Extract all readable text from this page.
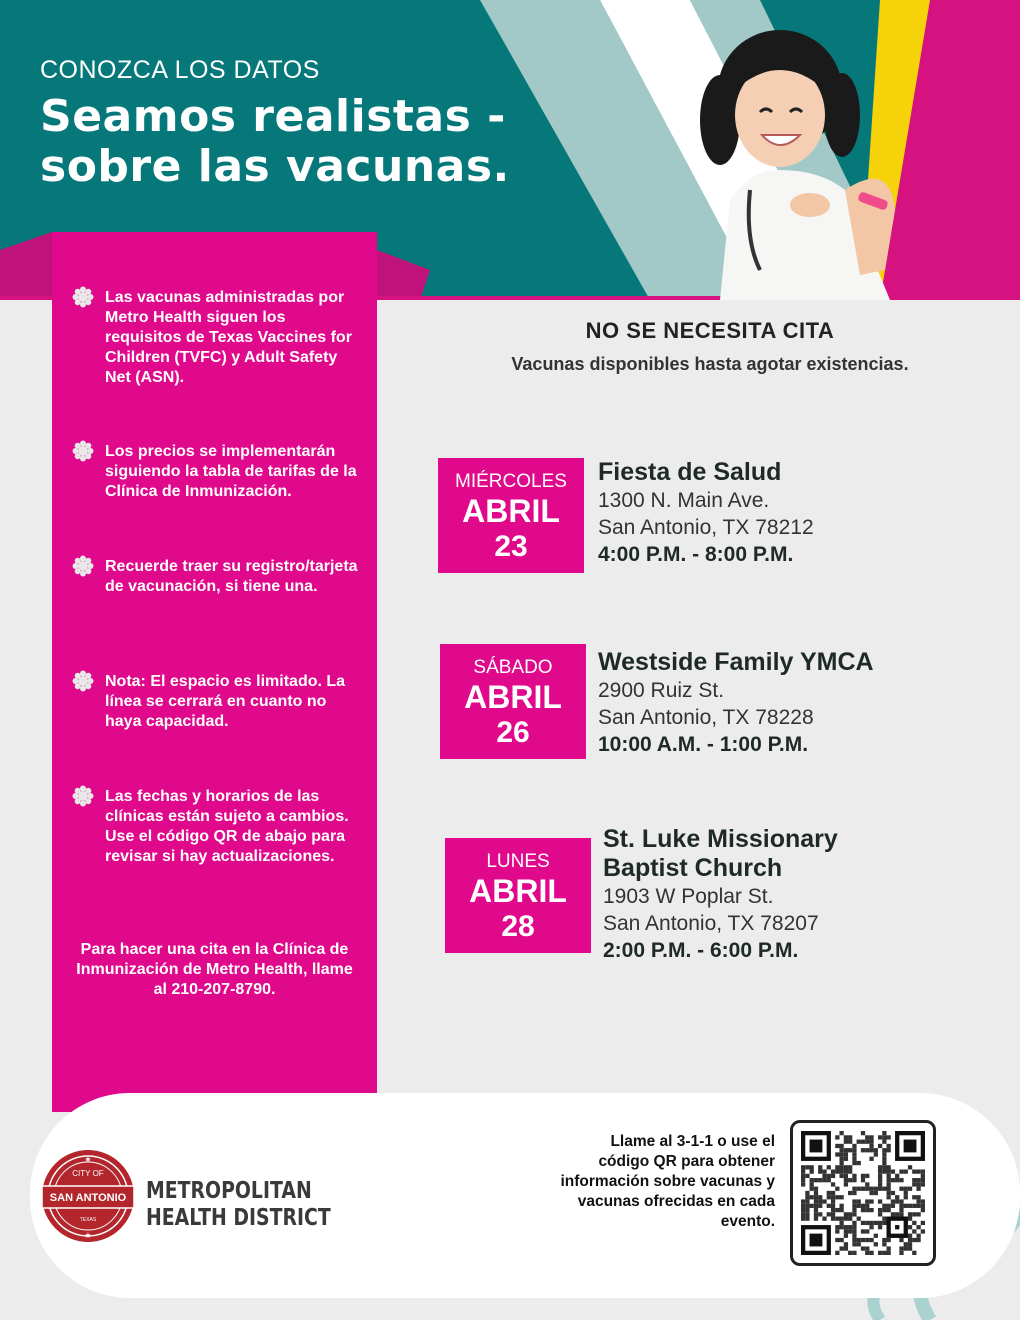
CONOZCA LOS DATOS
Seamos realistas -
sobre las vacunas.
Las vacunas administradas por Metro Health siguen los requisitos de Texas Vaccines for Children (TVFC) y Adult Safety Net (ASN).
Los precios se implementarán siguiendo la tabla de tarifas de la Clínica de Inmunización.
Recuerde traer su registro/tarjeta de vacunación, si tiene una.
Nota: El espacio es limitado. La línea se cerrará en cuanto no haya capacidad.
Las fechas y horarios de las clínicas están sujeto a cambios. Use el código QR de abajo para revisar si hay actualizaciones.
Para hacer una cita en la Clínica de Inmunización de Metro Health, llame al 210-207-8790.
NO SE NECESITA CITA
Vacunas disponibles hasta agotar existencias.
MIÉRCOLES
ABRIL
23
Fiesta de Salud
1300 N. Main Ave.
San Antonio, TX 78212
4:00 P.M. - 8:00 P.M.
SÁBADO
ABRIL
26
Westside Family YMCA
2900 Ruiz St.
San Antonio, TX 78228
10:00 A.M. - 1:00 P.M.
LUNES
ABRIL
28
St. Luke Missionary
Baptist Church
1903 W Poplar St.
San Antonio, TX 78207
2:00 P.M. - 6:00 P.M.
CITY OF
SAN ANTONIO
TEXAS
★
★
METROPOLITAN
HEALTH DISTRICT
Llame al 3-1-1 o use el código QR para obtener información sobre vacunas y vacunas ofrecidas en cada evento.
